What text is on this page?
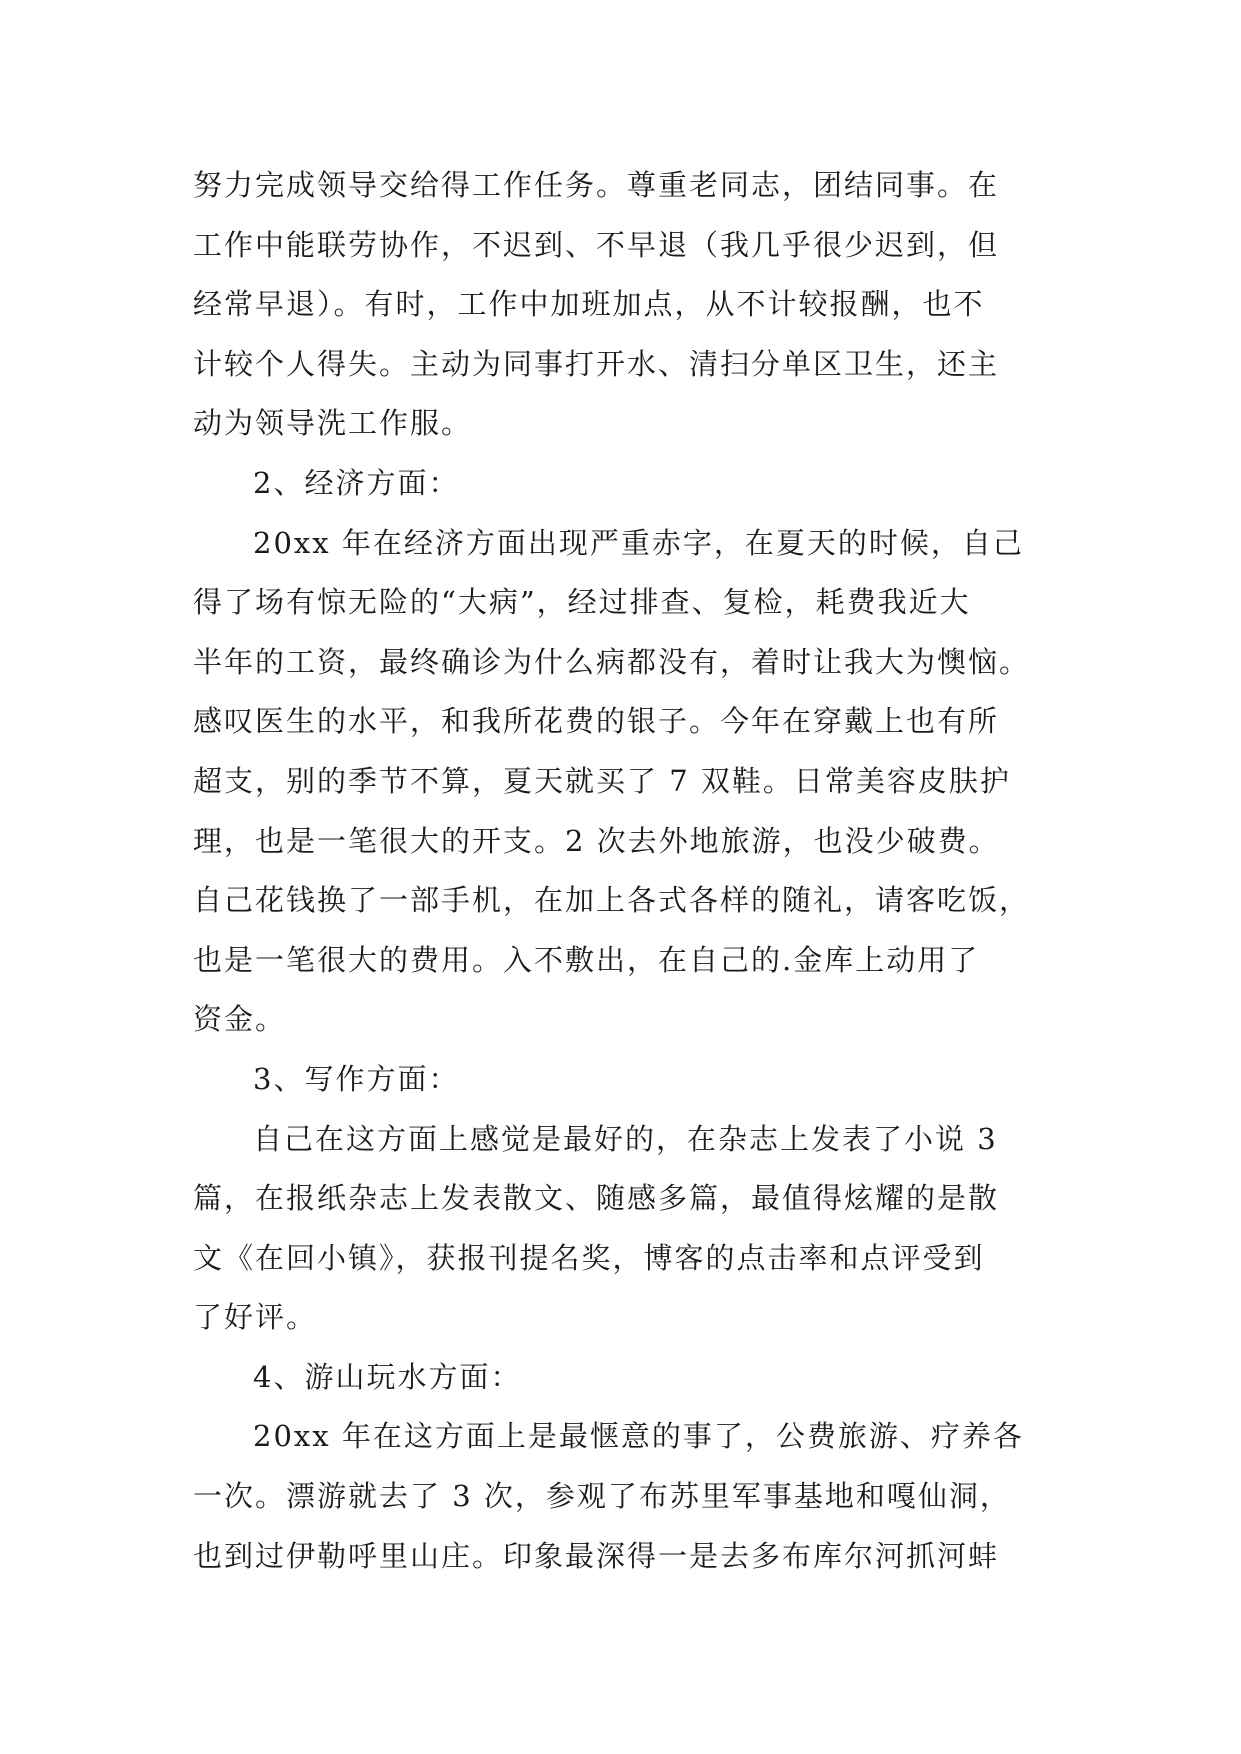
努力完成领导交给得工作任务。尊重老同志，团结同事。在
工作中能联劳协作，不迟到、不早退（我几乎很少迟到，但
经常早退）。有时，工作中加班加点，从不计较报酬，也不
计较个人得失。主动为同事打开水、清扫分单区卫生，还主
动为领导洗工作服。
2、经济方面：
20xx 年在经济方面出现严重赤字，在夏天的时候，自己
得了场有惊无险的“大病”，经过排查、复检，耗费我近大
半年的工资，最终确诊为什么病都没有，着时让我大为懊恼。
感叹医生的水平，和我所花费的银子。今年在穿戴上也有所
超支，别的季节不算，夏天就买了 7 双鞋。日常美容皮肤护
理，也是一笔很大的开支。2 次去外地旅游，也没少破费。
自己花钱换了一部手机，在加上各式各样的随礼，请客吃饭，
也是一笔很大的费用。入不敷出，在自己的.金库上动用了
资金。
3、写作方面：
自己在这方面上感觉是最好的，在杂志上发表了小说 3
篇，在报纸杂志上发表散文、随感多篇，最值得炫耀的是散
文《在回小镇》，获报刊提名奖，博客的点击率和点评受到
了好评。
4、游山玩水方面：
20xx 年在这方面上是最惬意的事了，公费旅游、疗养各
一次。漂游就去了 3 次，参观了布苏里军事基地和嘎仙洞，
也到过伊勒呼里山庄。印象最深得一是去多布库尔河抓河蚌
